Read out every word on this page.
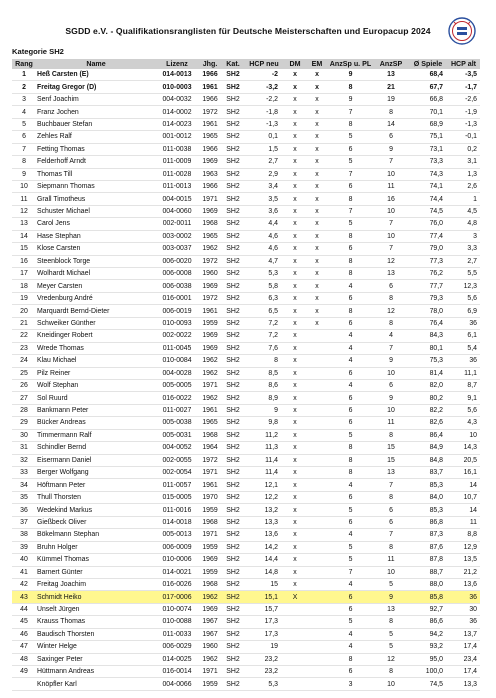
SGDD e.V. - Qualifikationsranglisten für Deutsche Meisterschaften und Europacup 2024
Kategorie SH2
Rang	Name	Lizenz	Jhg.	Kat.	HCP neu	DM	EM	AnzSp u. PL	AnzSP	Ø Spiele	HCP alt
1	Heß Carsten (E)	014-0013	1966	SH2	-2	x	x	9	13	68,4	-3,5
2	Freitag Gregor (D)	010-0003	1961	SH2	-3,2	x	x	8	21	67,7	-1,7
3	Senf Joachim	004-0032	1966	SH2	-2,2	x	x	9	19	66,8	-2,6
4	Franz Jochen	014-0002	1972	SH2	-1,8	x	x	7	8	70,1	-1,9
5	Buchbauer Stefan	014-0023	1961	SH2	-1,3	x	x	8	14	68,9	-1,3
6	Zehles Ralf	001-0012	1965	SH2	0,1	x	x	5	6	75,1	-0,1
7	Fetting Thomas	011-0038	1966	SH2	1,5	x	x	6	9	73,1	0,2
8	Felderhoff Arndt	011-0009	1969	SH2	2,7	x	x	5	7	73,3	3,1
9	Thomas Till	011-0028	1963	SH2	2,9	x	x	7	10	74,3	1,3
10	Siepmann Thomas	011-0013	1966	SH2	3,4	x	x	6	11	74,1	2,6
11	Grall Timotheus	004-0015	1971	SH2	3,5	x	x	8	16	74,4	1
12	Schuster Michael	004-0060	1969	SH2	3,6	x	x	7	10	74,5	4,5
13	Carol Jens	002-0011	1968	SH2	4,4	x	x	5	7	76,0	4,8
14	Hase Stephan	003-0002	1965	SH2	4,6	x	x	8	10	77,4	3
15	Klose Carsten	003-0037	1962	SH2	4,6	x	x	6	7	79,0	3,3
16	Steenblock Torge	006-0020	1972	SH2	4,7	x	x	8	12	77,3	2,7
17	Wolhardt Michael	006-0008	1960	SH2	5,3	x	x	8	13	76,2	5,5
18	Meyer Carsten	006-0038	1969	SH2	5,8	x	x	4	6	77,7	12,3
19	Vredenburg André	016-0001	1972	SH2	6,3	x	x	6	8	79,3	5,6
20	Marquardt Bernd-Dieter	006-0019	1961	SH2	6,5	x	x	8	12	78,0	6,9
21	Schweiker Günther	010-0093	1959	SH2	7,2	x	x	6	8	76,4	36
22	Kneidinger Robert	002-0022	1969	SH2	7,2	x		4	4	84,3	6,1
23	Wrede Thomas	011-0045	1969	SH2	7,6	x		4	7	80,1	5,4
24	Klau Michael	010-0084	1962	SH2	8	x		4	9	75,3	36
25	Pilz Reiner	004-0028	1962	SH2	8,5	x		6	10	81,4	11,1
26	Wolf Stephan	005-0005	1971	SH2	8,6	x		4	6	82,0	8,7
27	Sol Ruurd	016-0022	1962	SH2	8,9	x		6	9	80,2	9,1
28	Bankmann Peter	011-0027	1961	SH2	9	x		6	10	82,2	5,6
29	Bücker Andreas	005-0038	1965	SH2	9,8	x		6	11	82,6	4,3
30	Timmermann Ralf	005-0031	1968	SH2	11,2	x		5	8	86,4	10
31	Schindler Bernd	004-0052	1964	SH2	11,3	x		8	15	84,9	14,3
32	Eisermann Daniel	002-0055	1972	SH2	11,4	x		8	15	84,8	20,5
33	Berger Wolfgang	002-0054	1971	SH2	11,4	x		8	13	83,7	16,1
34	Höftmann Peter	011-0057	1961	SH2	12,1	x		4	7	85,3	14
35	Thull Thorsten	015-0005	1970	SH2	12,2	x		6	8	84,0	10,7
36	Wedekind Markus	011-0016	1959	SH2	13,2	x		5	6	85,3	14
37	Gießbeck Oliver	014-0018	1968	SH2	13,3	x		6	6	86,8	11
38	Bökelmann Stephan	005-0013	1971	SH2	13,6	x		4	7	87,3	8,8
39	Bruhn Holger	006-0009	1959	SH2	14,2	x		5	8	87,6	12,9
40	Kümmel Thomas	010-0006	1969	SH2	14,4	x		5	11	87,8	13,5
41	Barnert Günter	014-0021	1959	SH2	14,8	x		7	10	88,7	21,2
42	Freitag Joachim	016-0026	1968	SH2	15	x		4	5	88,0	13,6
43	Schmidt Heiko	017-0006	1962	SH2	15,1	X		6	9	85,8	36
44	Unselt Jürgen	010-0074	1969	SH2	15,7			6	13	92,7	30
45	Krauss Thomas	010-0088	1967	SH2	17,3			5	8	86,6	36
46	Baudisch Thorsten	011-0033	1967	SH2	17,3			4	5	94,2	13,7
47	Winter Helge	006-0029	1960	SH2	19			4	5	93,2	17,4
48	Saxinger Peter	014-0025	1962	SH2	23,2			8	12	95,0	23,4
49	Hüttmann Andreas	016-0014	1971	SH2	23,2			6	8	100,0	17,4
	Knöpfler Karl	004-0066	1959	SH2	5,3			3	10	74,5	13,3
